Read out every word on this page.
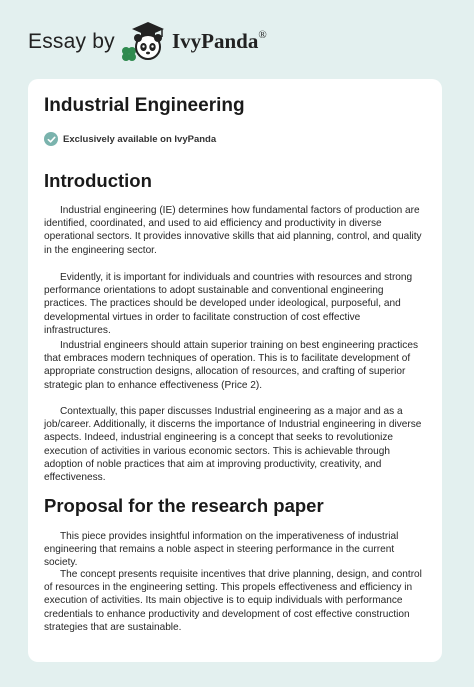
Essay by	IvyPanda®
Industrial Engineering
Exclusively available on IvyPanda
Introduction

Industrial engineering (IE) determines how fundamental factors of production are identified, coordinated, and used to aid efficiency and productivity in diverse operational sectors. It provides innovative skills that aid planning, control, and quality in the engineering sector.

Evidently, it is important for individuals and countries with resources and strong performance orientations to adopt sustainable and conventional engineering practices. The practices should be developed under ideological, purposeful, and developmental virtues in order to facilitate construction of cost effective infrastructures.

Industrial engineers should attain superior training on best engineering practices that embraces modern techniques of operation. This is to facilitate development of appropriate construction designs, allocation of resources, and crafting of superior strategic plan to enhance effectiveness (Price 2).

Contextually, this paper discusses Industrial engineering as a major and as a job/career. Additionally, it discerns the importance of Industrial engineering in diverse aspects. Indeed, industrial engineering is a concept that seeks to revolutionize execution of activities in various economic sectors. This is achievable through adoption of noble practices that aim at improving productivity, creativity, and effectiveness.

Proposal for the research paper

This piece provides insightful information on the imperativeness of industrial engineering that remains a noble aspect in steering performance in the current society.

The concept presents requisite incentives that drive planning, design, and control of resources in the engineering setting. This propels effectiveness and efficiency in execution of activities. Its main objective is to equip individuals with performance credentials to enhance productivity and development of cost effective construction strategies that are sustainable.
